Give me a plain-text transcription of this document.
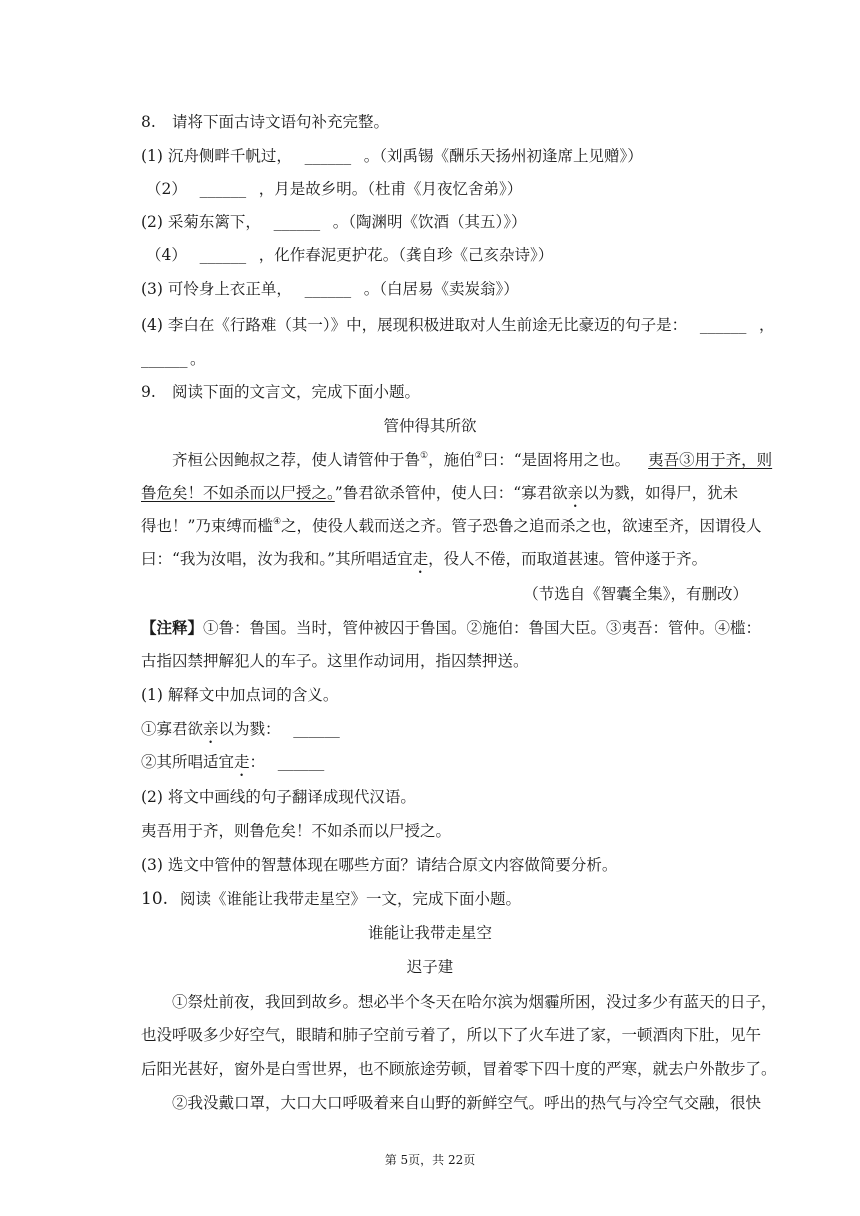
8. 请将下面古诗文语句补充完整。
(1) 沉舟侧畔千帆过， ______ 。（刘禹锡《酬乐天扬州初逢席上见赠》）
（2） ______ ，月是故乡明。（杜甫《月夜忆舍弟》）
(2) 采菊东篱下， ______ 。（陶渊明《饮酒（其五）》）
（4） ______ ，化作春泥更护花。（龚自珍《己亥杂诗》）
(3) 可怜身上衣正单， ______ 。（白居易《卖炭翁》）
(4) 李白在《行路难（其一）》中，展现积极进取对人生前途无比豪迈的句子是： ______ ，
______ 。
9. 阅读下面的文言文，完成下面小题。
管仲得其所欲
齐桓公因鲍叔之荐，使人请管仲于鲁①，施伯②曰：“是固将用之也。 夷吾③用于齐，则
鲁危矣！不如杀而以尸授之。”鲁君欲杀管仲，使人曰：“寡君欲亲以为戮，如得尸，犹未
得也！”乃束缚而槛④之，使役人载而送之齐。管子恐鲁之追而杀之也，欲速至齐，因谓役人
曰：“我为汝唱，汝为我和。”其所唱适宜走，役人不倦，而取道甚速。管仲遂于齐。
（节选自《智囊全集》，有删改）
【注释】①鲁：鲁国。当时，管仲被囚于鲁国。②施伯：鲁国大臣。③夷吾：管仲。④槛：
古指囚禁押解犯人的车子。这里作动词用，指囚禁押送。
(1) 解释文中加点词的含义。
①寡君欲亲以为戮： ______
②其所唱适宜走： ______
(2) 将文中画线的句子翻译成现代汉语。
夷吾用于齐，则鲁危矣！不如杀而以尸授之。
(3) 选文中管仲的智慧体现在哪些方面？请结合原文内容做简要分析。
10. 阅读《谁能让我带走星空》一文，完成下面小题。
谁能让我带走星空
迟子建
①祭灶前夜，我回到故乡。想必半个冬天在哈尔滨为烟霾所困，没过多少有蓝天的日子，
也没呼吸多少好空气，眼睛和肺子空前亏着了，所以下了火车进了家，一顿酒肉下肚，见午
后阳光甚好，窗外是白雪世界，也不顾旅途劳顿，冒着零下四十度的严寒，就去户外散步了。
②我没戴口罩，大口大口呼吸着来自山野的新鲜空气。呼出的热气与冷空气交融，很快
第 5页，共 22页
